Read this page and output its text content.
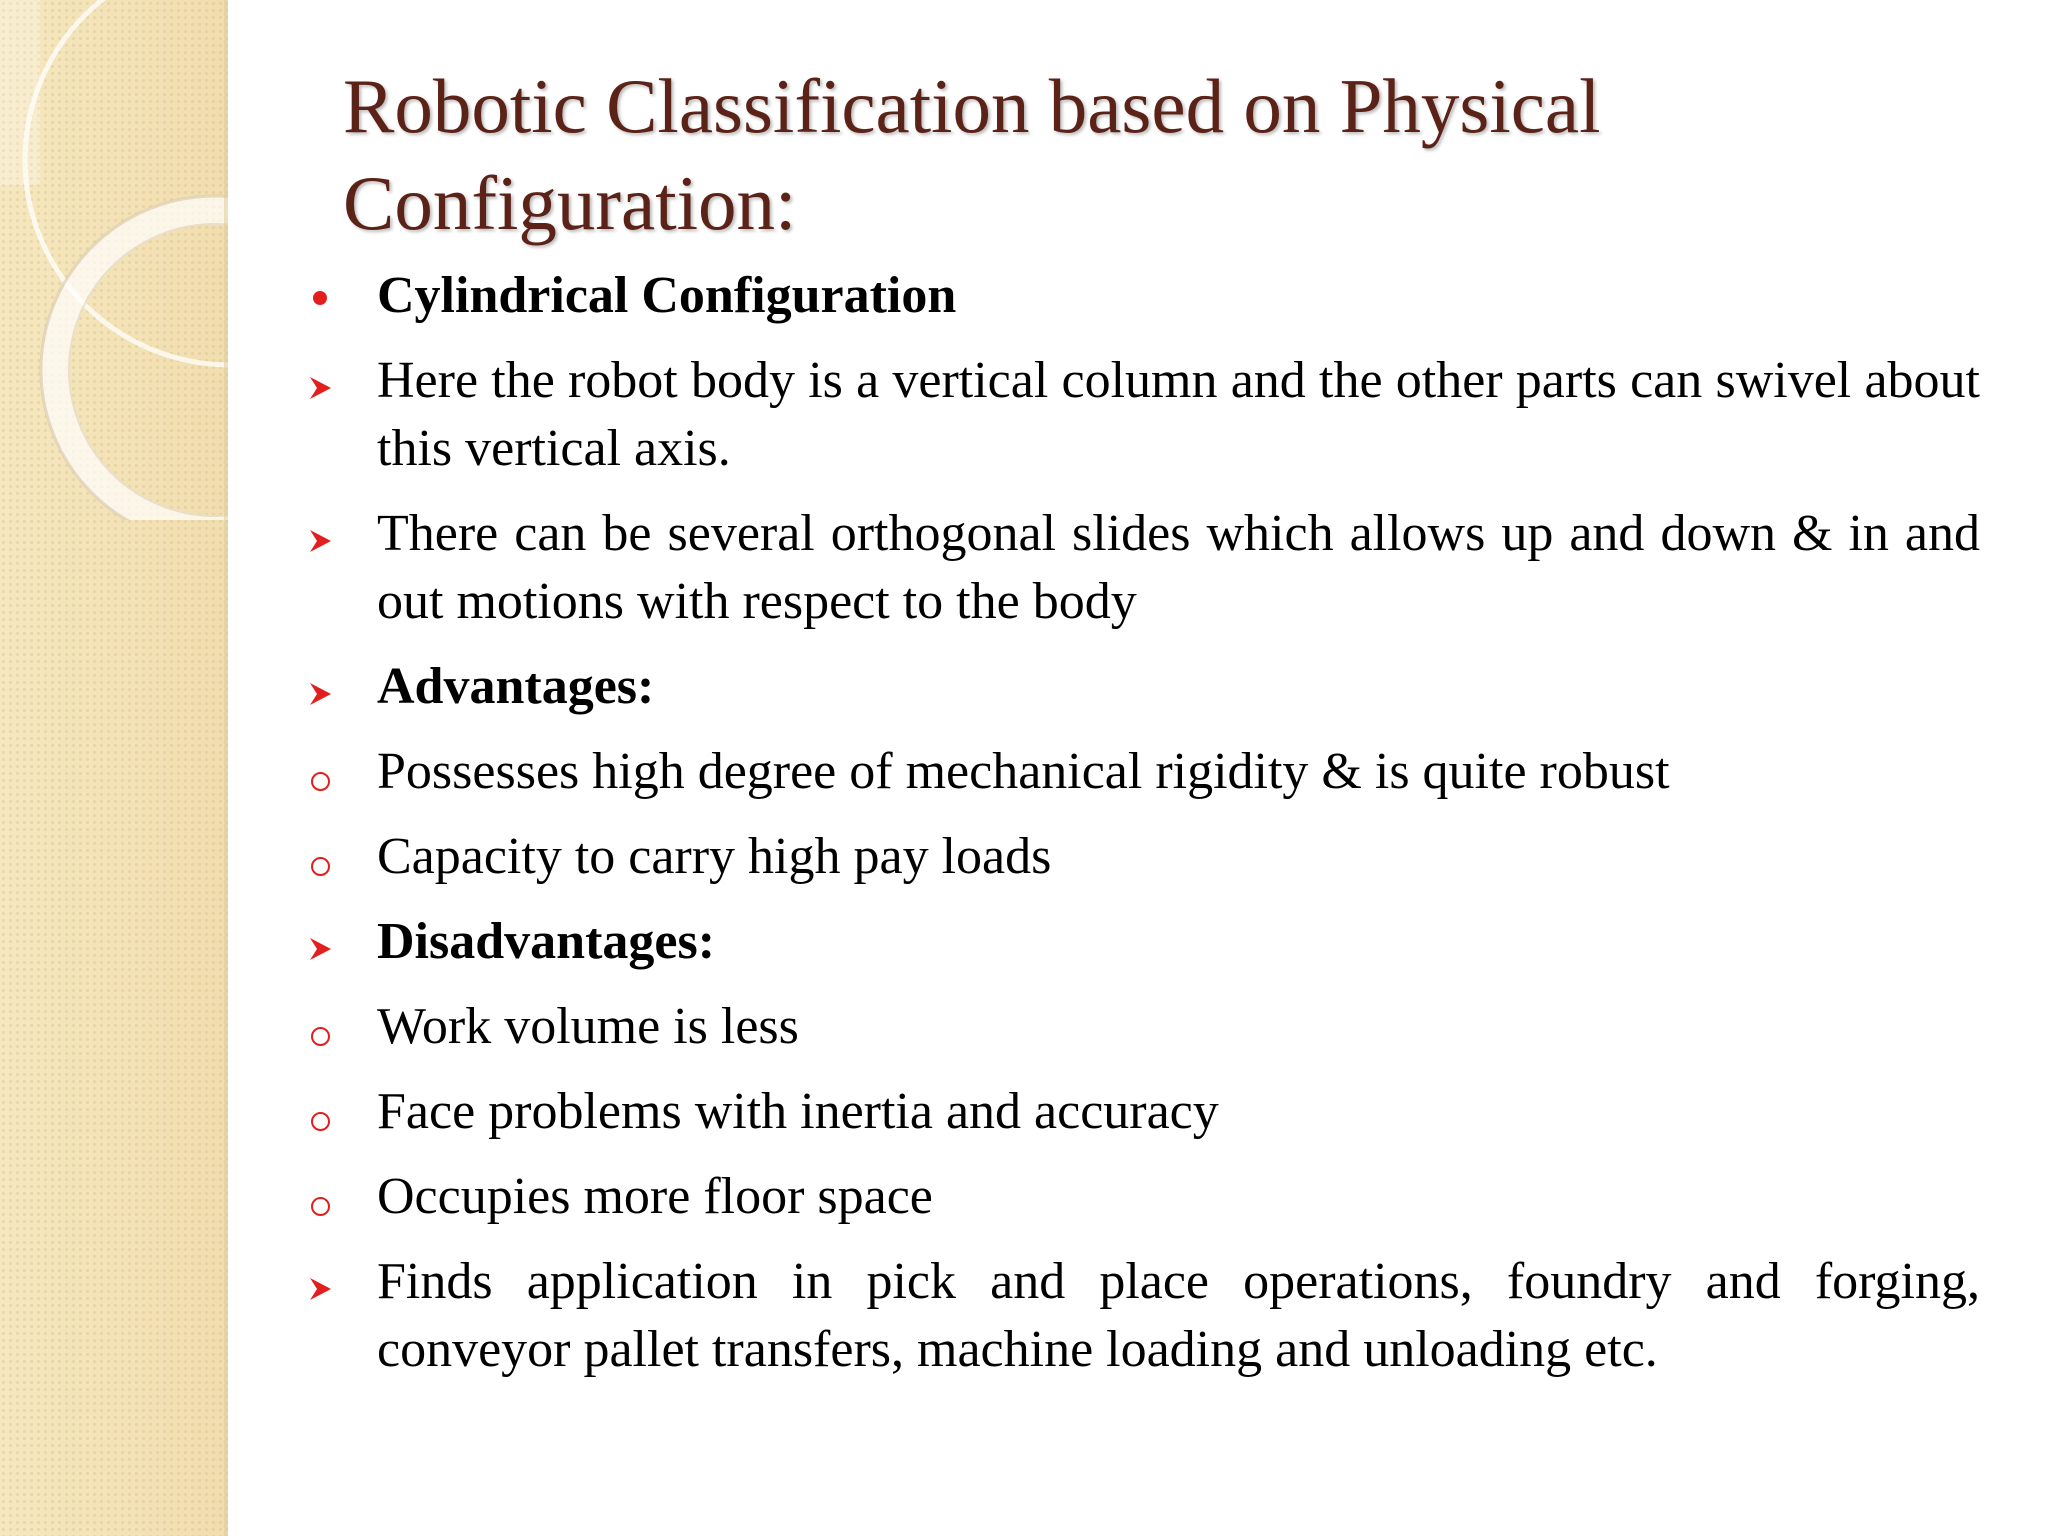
Robotic Classification based on Physical Configuration:
Cylindrical Configuration
Here the robot body is a vertical column and the other parts can swivel about this vertical axis.
There can be several orthogonal slides which allows up and down & in and out motions with respect to the body
Advantages:
Possesses high degree of mechanical rigidity & is quite robust
Capacity to carry high pay loads
Disadvantages:
Work volume is less
Face problems with inertia and accuracy
Occupies more floor space
Finds application in pick and place operations, foundry and forging, conveyor pallet transfers, machine loading and unloading etc.
